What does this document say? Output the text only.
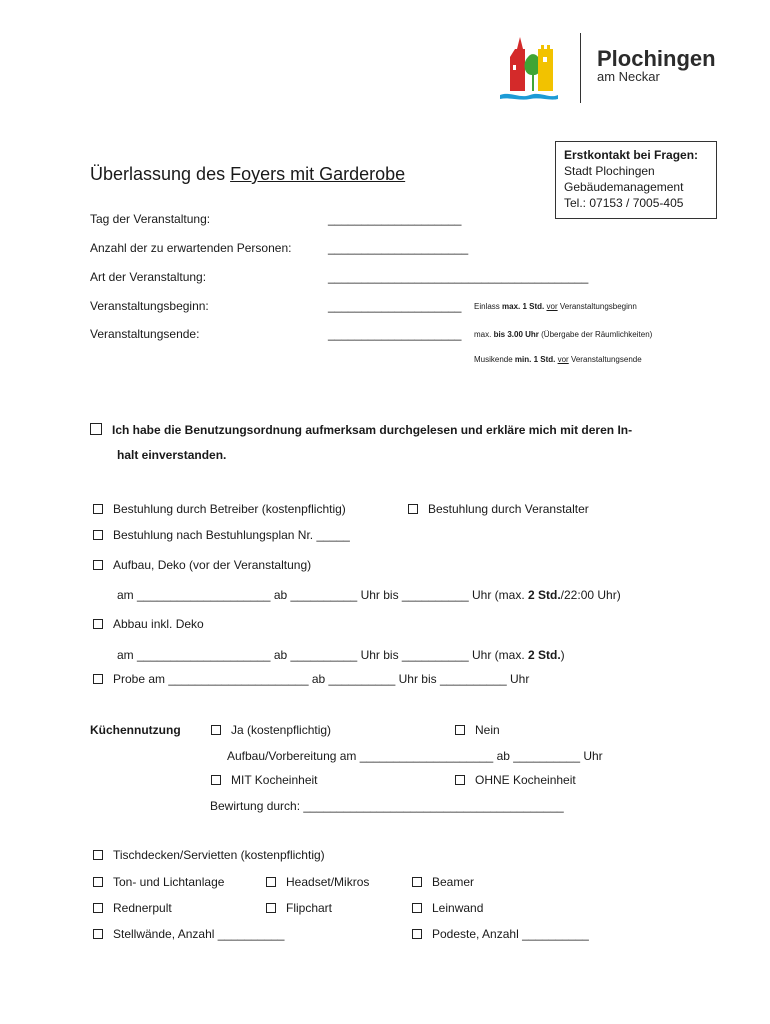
Plochingen
am Neckar
Erstkontakt bei Fragen:
Stadt Plochingen
Gebäudemanagement
Tel.: 07153 / 7005-405
Überlassung des Foyers mit Garderobe
Tag der Veranstaltung:	____________________
Anzahl der zu erwartenden Personen:	_____________________
Art der Veranstaltung:	_______________________________________
Veranstaltungsbeginn:	____________________ Einlass max. 1 Std. vor Veranstaltungsbeginn
Veranstaltungsende:	____________________ max. bis 3.00 Uhr (Übergabe der Räumlichkeiten)
Musikende min. 1 Std. vor Veranstaltungsende
Ich habe die Benutzungsordnung aufmerksam durchgelesen und erkläre mich mit deren In-
halt einverstanden.
Bestuhlung durch Betreiber (kostenpflichtig)	Bestuhlung durch Veranstalter
Bestuhlung nach Bestuhlungsplan Nr. _____
Aufbau, Deko (vor der Veranstaltung)
am ____________________ ab __________ Uhr bis __________ Uhr (max. 2 Std./22:00 Uhr)
Abbau inkl. Deko
am ____________________ ab __________ Uhr bis __________ Uhr (max. 2 Std.)
Probe am _____________________ ab __________ Uhr bis __________ Uhr
Küchennutzung	Ja (kostenpflichtig)	Nein
Aufbau/Vorbereitung am ____________________ ab __________ Uhr
MIT Kocheinheit	OHNE Kocheinheit
Bewirtung durch: _______________________________________
Tischdecken/Servietten (kostenpflichtig)
Ton- und Lichtanlage	Headset/Mikros	Beamer
Rednerpult	Flipchart	Leinwand
Stellwände, Anzahl __________	Podeste, Anzahl __________
